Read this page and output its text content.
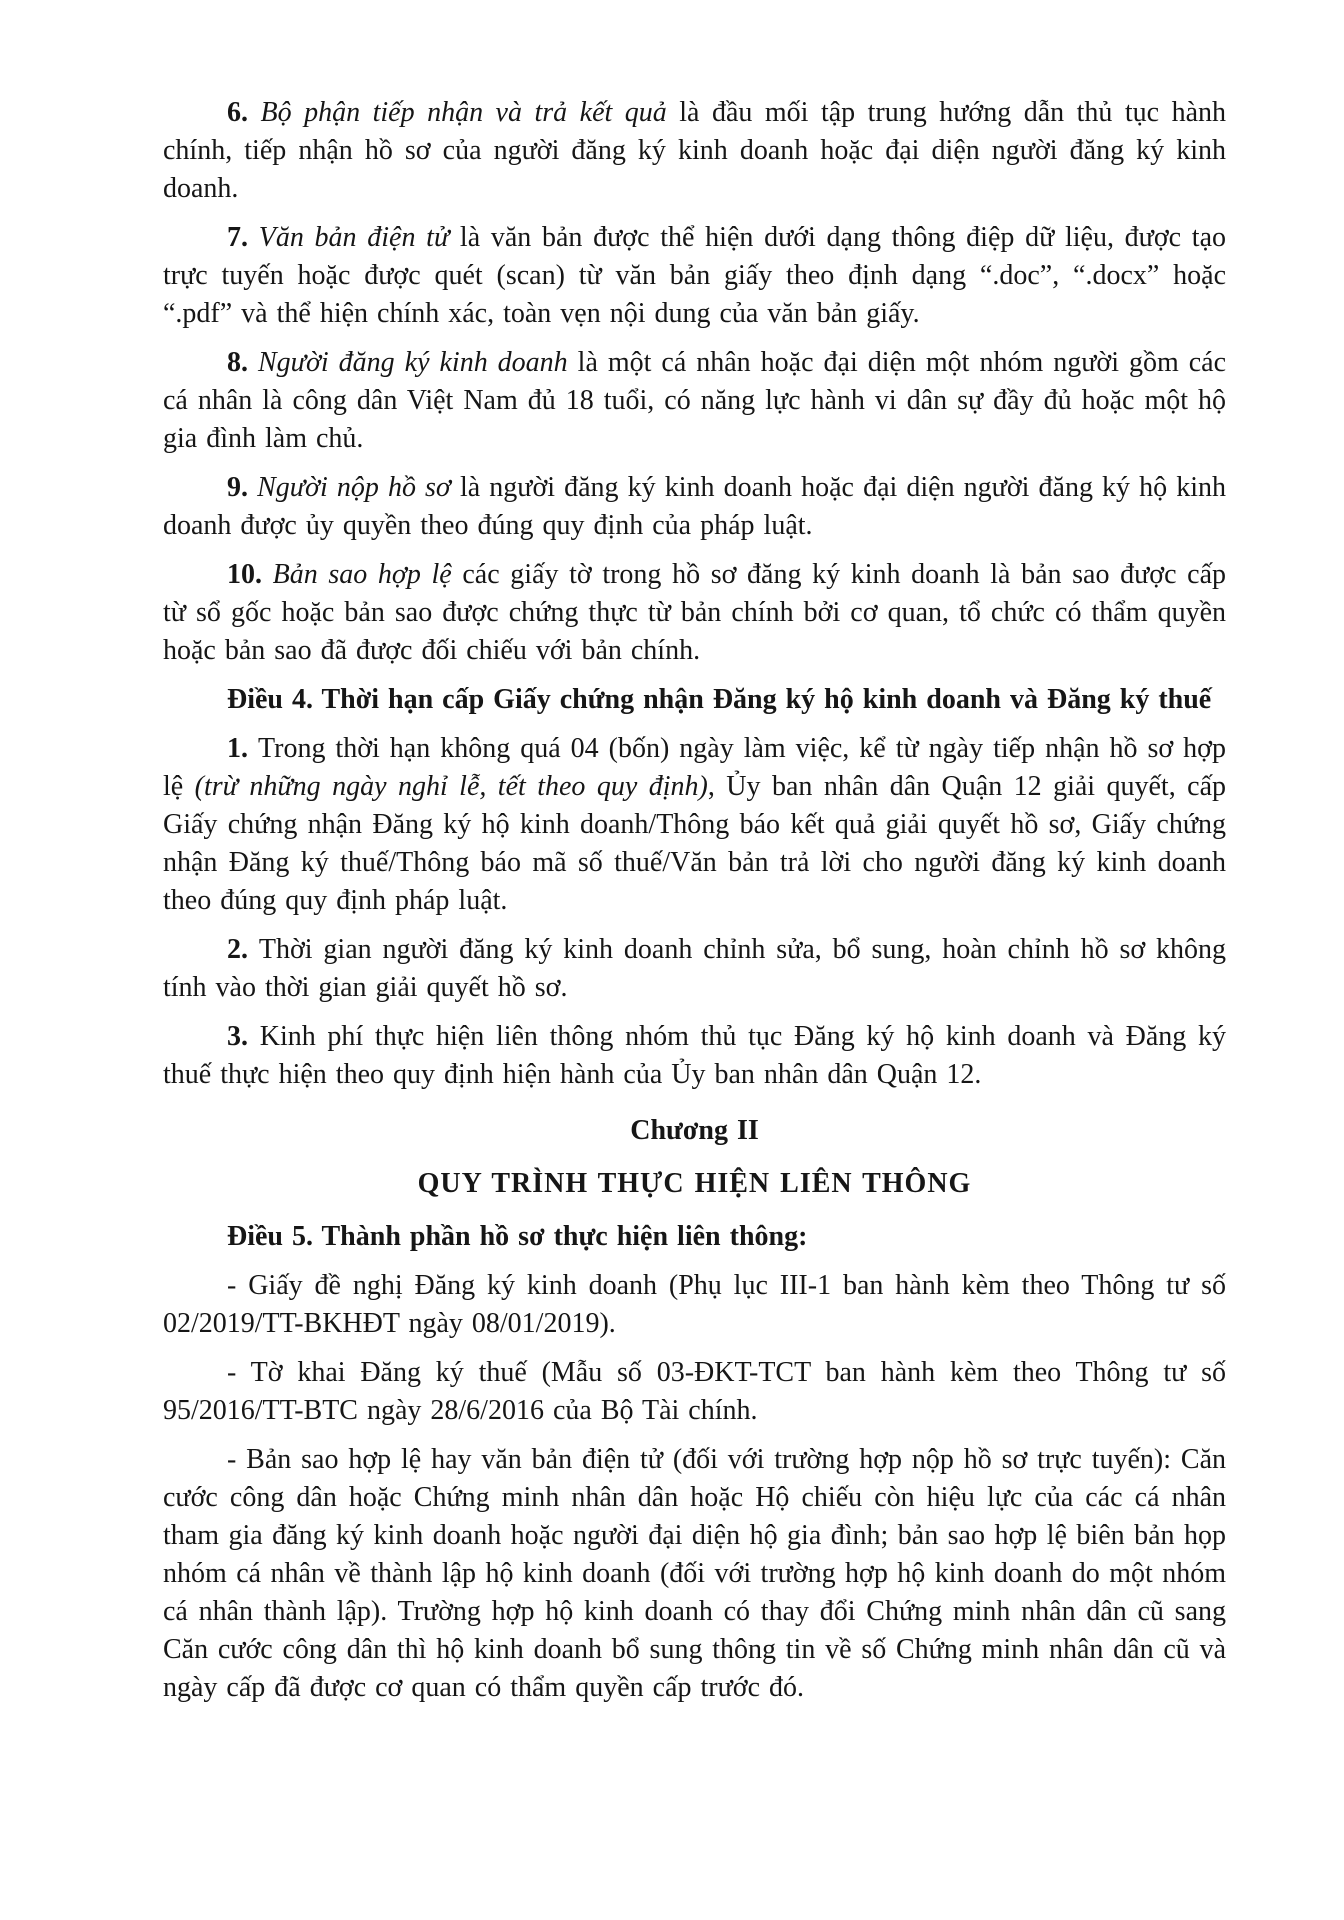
6. Bộ phận tiếp nhận và trả kết quả là đầu mối tập trung hướng dẫn thủ tục hành chính, tiếp nhận hồ sơ của người đăng ký kinh doanh hoặc đại diện người đăng ký kinh doanh.

7. Văn bản điện tử là văn bản được thể hiện dưới dạng thông điệp dữ liệu, được tạo trực tuyến hoặc được quét (scan) từ văn bản giấy theo định dạng “.doc”, “.docx” hoặc “.pdf” và thể hiện chính xác, toàn vẹn nội dung của văn bản giấy.

8. Người đăng ký kinh doanh là một cá nhân hoặc đại diện một nhóm người gồm các cá nhân là công dân Việt Nam đủ 18 tuổi, có năng lực hành vi dân sự đầy đủ hoặc một hộ gia đình làm chủ.

9. Người nộp hồ sơ là người đăng ký kinh doanh hoặc đại diện người đăng ký hộ kinh doanh được ủy quyền theo đúng quy định của pháp luật.

10. Bản sao hợp lệ các giấy tờ trong hồ sơ đăng ký kinh doanh là bản sao được cấp từ sổ gốc hoặc bản sao được chứng thực từ bản chính bởi cơ quan, tổ chức có thẩm quyền hoặc bản sao đã được đối chiếu với bản chính.

Điều 4. Thời hạn cấp Giấy chứng nhận Đăng ký hộ kinh doanh và Đăng ký thuế

1. Trong thời hạn không quá 04 (bốn) ngày làm việc, kể từ ngày tiếp nhận hồ sơ hợp lệ (trừ những ngày nghỉ lễ, tết theo quy định), Ủy ban nhân dân Quận 12 giải quyết, cấp Giấy chứng nhận Đăng ký hộ kinh doanh/Thông báo kết quả giải quyết hồ sơ, Giấy chứng nhận Đăng ký thuế/Thông báo mã số thuế/Văn bản trả lời cho người đăng ký kinh doanh theo đúng quy định pháp luật.

2. Thời gian người đăng ký kinh doanh chỉnh sửa, bổ sung, hoàn chỉnh hồ sơ không tính vào thời gian giải quyết hồ sơ.

3. Kinh phí thực hiện liên thông nhóm thủ tục Đăng ký hộ kinh doanh và Đăng ký thuế thực hiện theo quy định hiện hành của Ủy ban nhân dân Quận 12.

Chương II

QUY TRÌNH THỰC HIỆN LIÊN THÔNG

Điều 5. Thành phần hồ sơ thực hiện liên thông:

- Giấy đề nghị Đăng ký kinh doanh (Phụ lục III-1 ban hành kèm theo Thông tư số 02/2019/TT-BKHĐT ngày 08/01/2019).

- Tờ khai Đăng ký thuế (Mẫu số 03-ĐKT-TCT ban hành kèm theo Thông tư số 95/2016/TT-BTC ngày 28/6/2016 của Bộ Tài chính.

- Bản sao hợp lệ hay văn bản điện tử (đối với trường hợp nộp hồ sơ trực tuyến): Căn cước công dân hoặc Chứng minh nhân dân hoặc Hộ chiếu còn hiệu lực của các cá nhân tham gia đăng ký kinh doanh hoặc người đại diện hộ gia đình; bản sao hợp lệ biên bản họp nhóm cá nhân về thành lập hộ kinh doanh (đối với trường hợp hộ kinh doanh do một nhóm cá nhân thành lập). Trường hợp hộ kinh doanh có thay đổi Chứng minh nhân dân cũ sang Căn cước công dân thì hộ kinh doanh bổ sung thông tin về số Chứng minh nhân dân cũ và ngày cấp đã được cơ quan có thẩm quyền cấp trước đó.
